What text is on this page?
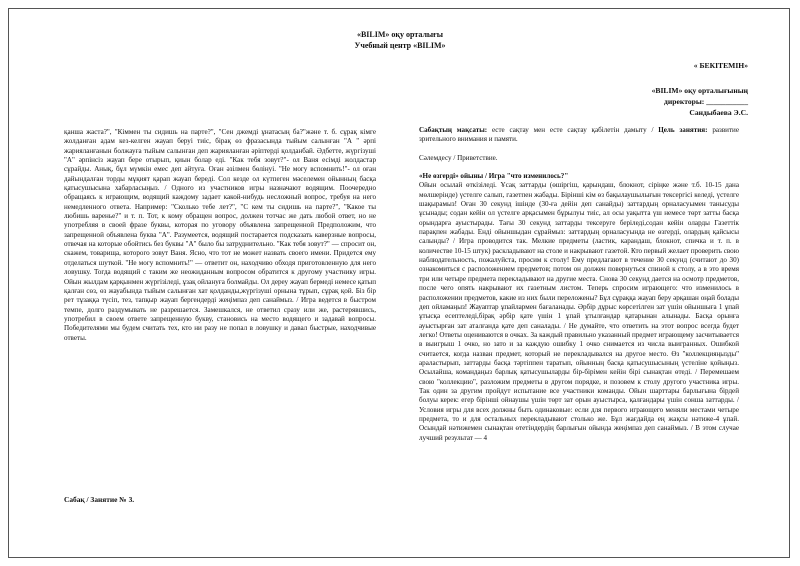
«BILIM» оқу орталығы
Учебный центр «BILIM»
« БЕКІТЕМІН»
«BILIM» оқу орталығының
директоры: ___________
Сандыбаева Э.С.
қанша жаста?", "Кіммен ты сидишь на парте?", "Сен джемді ұнатасың ба?"және т. б. сұрақ кімге жолданған адам кез-келген жауап беруі тиіс, бірақ өз фразасында тыйым салынған "А " әрпі жарияланғанын болжауға тыйым салынған деп жарияланған әріптерді қолданбай. Әдбетте, жүргізуші "А" әрпінсіз жауап бере отырып, қиын болар еді. "Как тебя зовут?"- ол Ваня есімді жолдастар сұрайды. Анық, бұл мүмкін емес деп айтуға. Оған əзілмен бөлінуі. "Не могу вспомнить!"- ол оған дайындалған торды мұқият қарап жауап береді. Сол кезде ол күтпеген мәселемен ойынның басқа қатысушысына хабарласыңыз. / Одного из участников игры назначают водящим. Поочередно обращаясь к играющим, водящий каждому задает какой-нибудь несложный вопрос, требуя на него немедленного ответа. Например: "Сколько тебе лет?", "С кем ты сидишь на парте?", "Какое ты любишь варенье?" и т. п. Тот, к кому обращен вопрос, должен тотчас же дать любой ответ, но не употребляя в своей фразе буквы, которая по уговору объявлена запрещенной Предположим, что запрещенной объявлена буква "А". Разумеется, водящий постарается подсказать каверзные вопросы, отвечая на которые обойтись без буквы "А" было бы затруднительно. "Как тебя зовут?" — спросит он, скажем, товарища, которого зовут Ваня. Ясно, что тот не может назвать своего имени. Придется ему отделаться шуткой. "Не могу вспомнить!" — ответит он, находчиво обходя приготовленную для него ловушку. Тогда водящий с таким же неожиданным вопросом обратится к другому участнику игры. Ойын жылдам қарқынмен жүргізіледі, ұзақ ойлануға болмайды. Ол дереу жауап бермеді немесе қатып қалған сөз, өз жауабында тыйым салынған хат қолданды,жүргізуші орнына тұрып, сұрақ қой. Біз бір рет тұзаққа түсіп, тез, тапқыр жауап бергендерді жеңімпаз деп санаймыз. / Игра ведется в быстром темпе, долго раздумывать не разрешается. Замешкался, не ответил сразу или же, растерявшись, употребил в своем ответе запрещенную букву, становись на место водящего и задавай вопросы. Победителями мы будем считать тех, кто ни разу не попал в ловушку и давал быстрые, находчивые ответы.
Сабақ / Занятие № 3.

Сабақтың мақсаты: есте сақтау мен есте сақтау қабілетін дамыту / Цель занятия: развитие зрительного внимания и памяти.

Сәлемдесу / Приветствие.

«Не өзгерді» ойыны / Игра "что изменилось?"

Ойын осылай өткізіледі. Ұсақ заттарды (өшіргіш, қарындаш, блокнот, сіріңке және т.б. 10-15 дана мөлшерінде) үстелге салып, газетпен жабады. Бірінші кім өз бақылаушылығын тексергісі келеді, үстелге шақырамыз! Оған 30 секунд ішінде (30-ға дейін деп санайды) заттардың орналасуымен танысуды ұсынады; содан кейін ол үстелге арқасымен бұрылуы тиіс, ал осы уақытта үш немесе төрт затты басқа орындарға ауыстырады. Тағы 30 секунд заттарды тексеруге беріледі,содан кейін оларды Газеттік парақпен жабады. Енді ойыншыдан сұраймыз: заттардың орналасуында не өзгерді, олардың қайсысы салынды? / Игра проводится так. Мелкие предметы (ластик, карандаш, блокнот, спичка и т. п. в количестве 10-15 штук) раскладывают на столе и накрывают газетой. Кто первый желает проверить свою наблюдательность, пожалуйста, просим к столу! Ему предлагают в течение 30 секунд (считают до 30) ознакомиться с расположением предметов; потом он должен повернуться спиной к столу, а в это время три или четыре предмета перекладывают на другие места. Снова 30 секунд дается на осмотр предметов, после чего опять накрывают их газетным листом. Теперь спросим играющего: что изменилось в расположении предметов, какие из них были переложены? Бұл сұраққа жауап беру әрқашан оңай болады деп ойламаңыз! Жауаптар ұпайлармен бағаланады. Әрбір дұрыс көрсетілген зат үшін ойыншыға 1 ұпай ұтысқа есептеледі,бірақ әрбір қате үшін 1 ұпай ұтылғандар қатарынан алынады. Басқа орынға ауыстырған зат аталғанда қате деп саналады. / Не думайте, что ответить на этот вопрос всегда будет легко! Ответы оцениваются в очках. За каждый правильно указанный предмет играющему засчитывается в выигрыш 1 очко, но зато и за каждую ошибку 1 очко снимается из числа выигранных. Ошибкой считается, когда назван предмет, который не перекладывался на другое место. Өз "коллекцияңызды" араластырып, заттарды басқа тәртіппен таратып, ойынның басқа қатысушысының үстеліне қойыңыз. Осылайша, командаңыз барлық қатысушыларды бір-бірімен кейін бірі сынақтан өтеді. / Перемешаем свою "коллекцию", разложим предметы в другом порядке, и позовем к столу другого участника игры. Так один за другим пройдут испытание все участники команды. Ойын шарттары барлығына бірдей болуы керек: егер бірінші ойнаушы үшін төрт зат орын ауыстырса, қалғандары үшін сонша заттарды. / Условия игры для всех должны быть одинаковые: если для первого играющего меняли местами четыре предмета, то и для остальных перекладывают столько же. Бұл жағдайда ең жақсы нәтиже-4 ұпай. Осындай нәтижемен сынақтан өтетіндердің барлығын ойында жеңімпаз деп санаймыз. / В этом случае лучший результат — 4
